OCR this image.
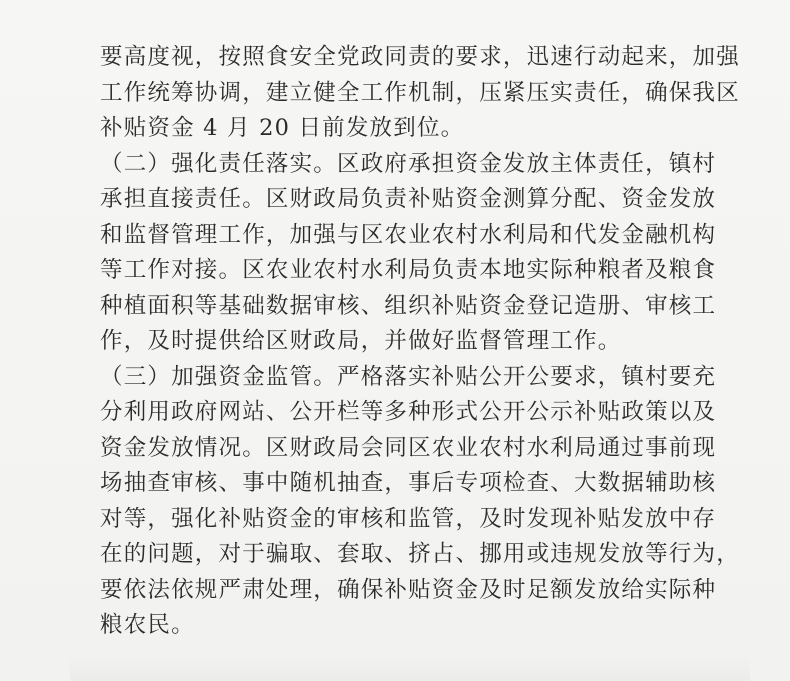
要高度视，按照食安全党政同责的要求，迅速行动起来，加强
工作统筹协调，建立健全工作机制，压紧压实责任，确保我区
补贴资金 4 月 20 日前发放到位。
（二）强化责任落实。区政府承担资金发放主体责任，镇村
承担直接责任。区财政局负责补贴资金测算分配、资金发放
和监督管理工作，加强与区农业农村水利局和代发金融机构
等工作对接。区农业农村水利局负责本地实际种粮者及粮食
种植面积等基础数据审核、组织补贴资金登记造册、审核工
作，及时提供给区财政局，并做好监督管理工作。
（三）加强资金监管。严格落实补贴公开公要求，镇村要充
分利用政府网站、公开栏等多种形式公开公示补贴政策以及
资金发放情况。区财政局会同区农业农村水利局通过事前现
场抽查审核、事中随机抽查，事后专项检查、大数据辅助核
对等，强化补贴资金的审核和监管，及时发现补贴发放中存
在的问题，对于骗取、套取、挤占、挪用或违规发放等行为，
要依法依规严肃处理，确保补贴资金及时足额发放给实际种
粮农民。
